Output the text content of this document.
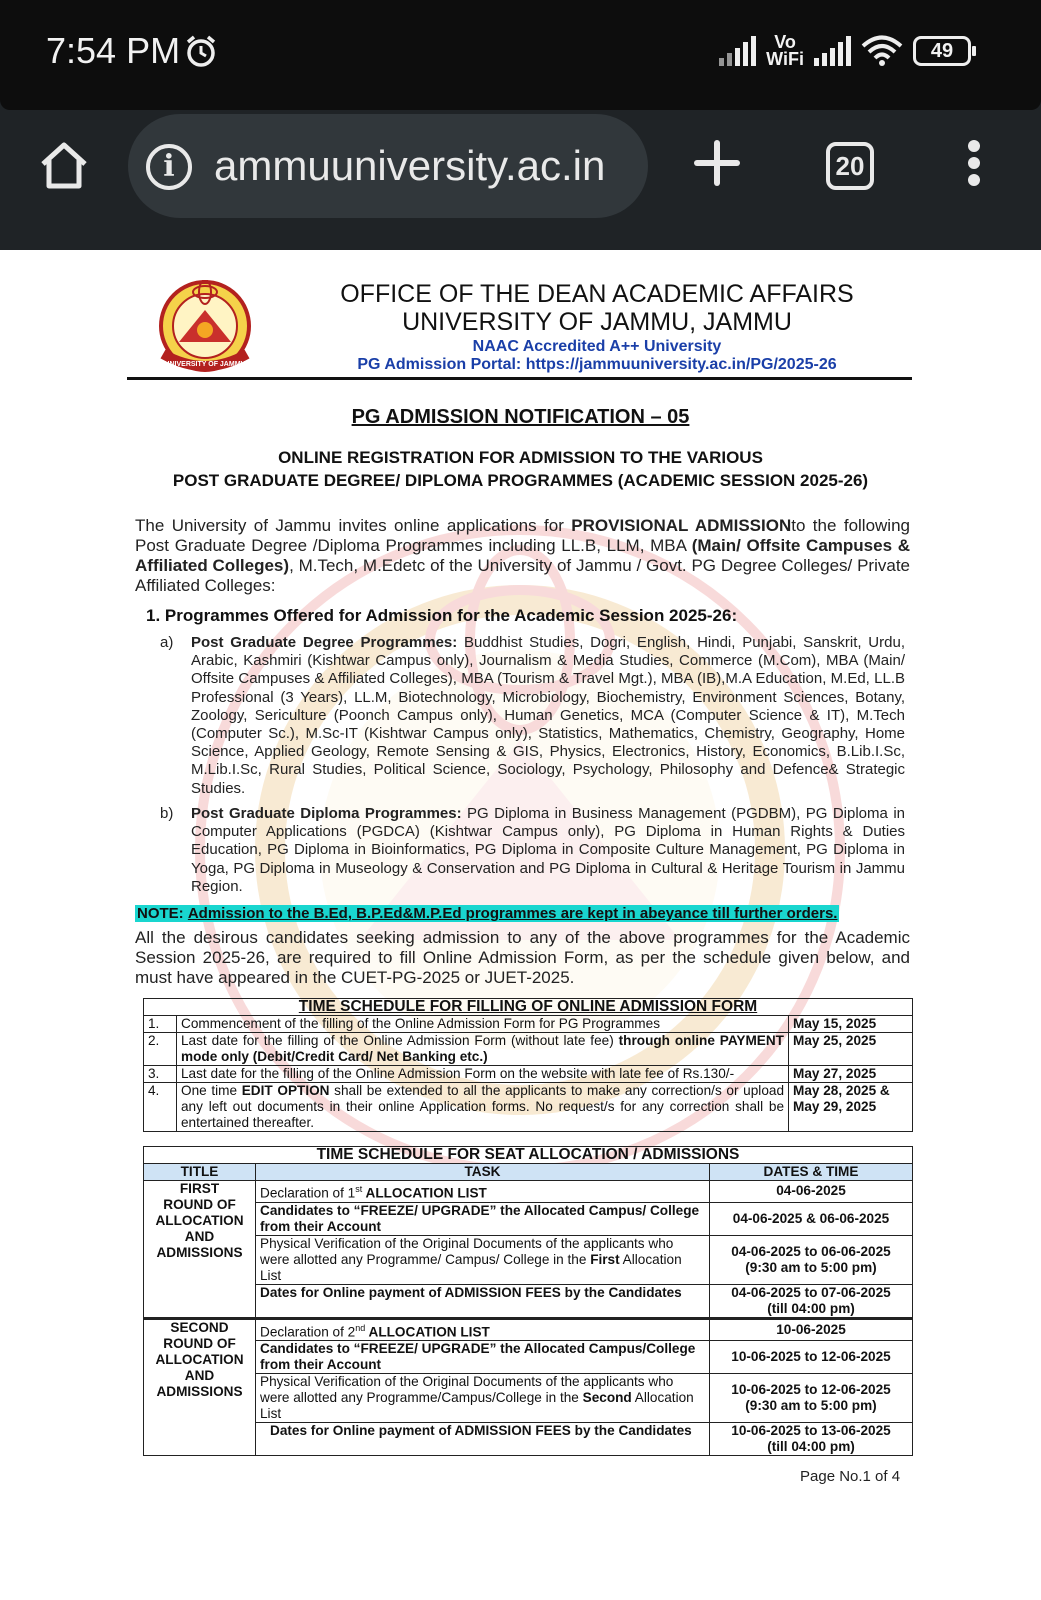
7:54 PM	Vo
WiFi	49
i ammuuniversity.ac.in	20
UNIVERSITY OF JAMMU
OFFICE OF THE DEAN ACADEMIC AFFAIRS
UNIVERSITY OF JAMMU, JAMMU
NAAC Accredited A++ University
PG Admission Portal: https://jammuuniversity.ac.in/PG/2025-26
PG ADMISSION NOTIFICATION – 05
ONLINE REGISTRATION FOR ADMISSION TO THE VARIOUS
POST GRADUATE DEGREE/ DIPLOMA PROGRAMMES (ACADEMIC SESSION 2025-26)
The University of Jammu invites online applications for PROVISIONAL ADMISSIONto the following Post Graduate Degree /Diploma Programmes including LL.B, LLM, MBA (Main/ Offsite Campuses & Affiliated Colleges), M.Tech, M.Edetc of the University of Jammu / Govt. PG Degree Colleges/ Private Affiliated Colleges:
1. Programmes Offered for Admission for the Academic Session 2025-26:
a) Post Graduate Degree Programmes: Buddhist Studies, Dogri, English, Hindi, Punjabi, Sanskrit, Urdu, Arabic, Kashmiri (Kishtwar Campus only), Journalism & Media Studies, Commerce (M.Com), MBA (Main/ Offsite Campuses & Affiliated Colleges), MBA (Tourism & Travel Mgt.), MBA (IB),M.A Education, M.Ed, LL.B Professional (3 Years), LL.M, Biotechnology, Microbiology, Biochemistry, Environment Sciences, Botany, Zoology, Sericulture (Poonch Campus only), Human Genetics, MCA (Computer Science & IT), M.Tech (Computer Sc.), M.Sc-IT (Kishtwar Campus only), Statistics, Mathematics, Chemistry, Geography, Home Science, Applied Geology, Remote Sensing & GIS, Physics, Electronics, History, Economics, B.Lib.I.Sc, M.Lib.I.Sc, Rural Studies, Political Science, Sociology, Psychology, Philosophy and Defence& Strategic Studies.
b) Post Graduate Diploma Programmes: PG Diploma in Business Management (PGDBM), PG Diploma in Computer Applications (PGDCA) (Kishtwar Campus only), PG Diploma in Human Rights & Duties Education, PG Diploma in Bioinformatics, PG Diploma in Composite Culture Management, PG Diploma in Yoga, PG Diploma in Museology & Conservation and PG Diploma in Cultural & Heritage Tourism in Jammu Region.
NOTE: Admission to the B.Ed, B.P.Ed&M.P.Ed programmes are kept in abeyance till further orders.
All the desirous candidates seeking admission to any of the above programmes for the Academic Session 2025-26, are required to fill Online Admission Form, as per the schedule given below, and must have appeared in the CUET-PG-2025 or JUET-2025.
TIME SCHEDULE FOR FILLING OF ONLINE ADMISSION FORM		
1.	Commencement of the filling of the Online Admission Form for PG Programmes	May 15, 2025
2.	Last date for the filling of the Online Admission Form (without late fee) through online PAYMENT mode only (Debit/Credit Card/ Net Banking etc.)	May 25, 2025
3.	Last date for the filling of the Online Admission Form on the website with late fee of Rs.130/-	May 27, 2025
4.	One time EDIT OPTION shall be extended to all the applicants to make any correction/s or upload any left out documents in their online Application forms. No request/s for any correction shall be entertained thereafter.	May 28, 2025 &
May 29, 2025
TIME SCHEDULE FOR SEAT ALLOCATION / ADMISSIONS		
TITLE	TASK	DATES & TIME
FIRST
ROUND OF
ALLOCATION
AND
ADMISSIONS	Declaration of 1st ALLOCATION LIST	04-06-2025
	Candidates to “FREEZE/ UPGRADE” the Allocated Campus/ College from their Account	04-06-2025 & 06-06-2025
	Physical Verification of the Original Documents of the applicants who were allotted any Programme/ Campus/ College in the First Allocation List	04-06-2025 to 06-06-2025
(9:30 am to 5:00 pm)

	Dates for Online payment of ADMISSION FEES by the Candidates	04-06-2025 to 07-06-2025
(till 04:00 pm)

SECOND
ROUND OF
ALLOCATION
AND
ADMISSIONS	Declaration of 2nd ALLOCATION LIST	10-06-2025
	Candidates to “FREEZE/ UPGRADE” the Allocated Campus/College from their Account	10-06-2025 to 12-06-2025
	Physical Verification of the Original Documents of the applicants who were allotted any Programme/Campus/College in the Second Allocation List	10-06-2025 to 12-06-2025
(9:30 am to 5:00 pm)

	Dates for Online payment of ADMISSION FEES by the Candidates	10-06-2025 to 13-06-2025
(till 04:00 pm)
Page No.1 of 4
